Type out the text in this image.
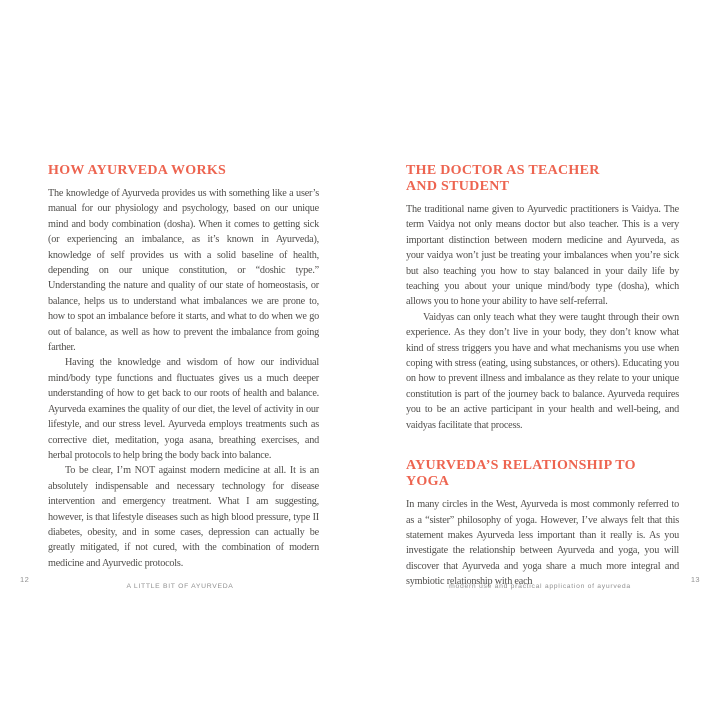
HOW AYURVEDA WORKS

The knowledge of Ayurveda provides us with something like a user’s manual for our physiology and psychology, based on our unique mind and body combination (dosha). When it comes to getting sick (or experiencing an imbalance, as it’s known in Ayurveda), knowledge of self provides us with a solid baseline of health, depending on our unique constitution, or “doshic type.” Understanding the nature and quality of our state of homeostasis, or balance, helps us to understand what imbalances we are prone to, how to spot an imbalance before it starts, and what to do when we go out of balance, as well as how to prevent the imbalance from going farther.

Having the knowledge and wisdom of how our individual mind/body type functions and fluctuates gives us a much deeper understanding of how to get back to our roots of health and balance. Ayurveda examines the quality of our diet, the level of activity in our lifestyle, and our stress level. Ayurveda employs treatments such as corrective diet, meditation, yoga asana, breathing exercises, and herbal protocols to help bring the body back into balance.

To be clear, I’m NOT against modern medicine at all. It is an absolutely indispensable and necessary technology for disease intervention and emergency treatment. What I am suggesting, however, is that lifestyle diseases such as high blood pressure, type II diabetes, obesity, and in some cases, depression can actually be greatly mitigated, if not cured, with the combination of modern medicine and Ayurvedic protocols.

THE DOCTOR AS TEACHER AND STUDENT

The traditional name given to Ayurvedic practitioners is Vaidya. The term Vaidya not only means doctor but also teacher. This is a very important distinction between modern medicine and Ayurveda, as your vaidya won’t just be treating your imbalances when you’re sick but also teaching you how to stay balanced in your daily life by teaching you about your unique mind/body type (dosha), which allows you to hone your ability to have self-referral.

Vaidyas can only teach what they were taught through their own experience. As they don’t live in your body, they don’t know what kind of stress triggers you have and what mechanisms you use when coping with stress (eating, using substances, or others). Educating you on how to prevent illness and imbalance as they relate to your unique constitution is part of the journey back to balance. Ayurveda requires you to be an active participant in your health and well-being, and vaidyas facilitate that process.

AYURVEDA’S RELATIONSHIP TO YOGA

In many circles in the West, Ayurveda is most commonly referred to as a “sister” philosophy of yoga. However, I’ve always felt that this statement makes Ayurveda less important than it really is. As you investigate the relationship between Ayurveda and yoga, you will discover that Ayurveda and yoga share a much more integral and symbiotic relationship with each

12
A LITTLE BIT OF AYURVEDA	modern use and practical application of ayurveda
13
